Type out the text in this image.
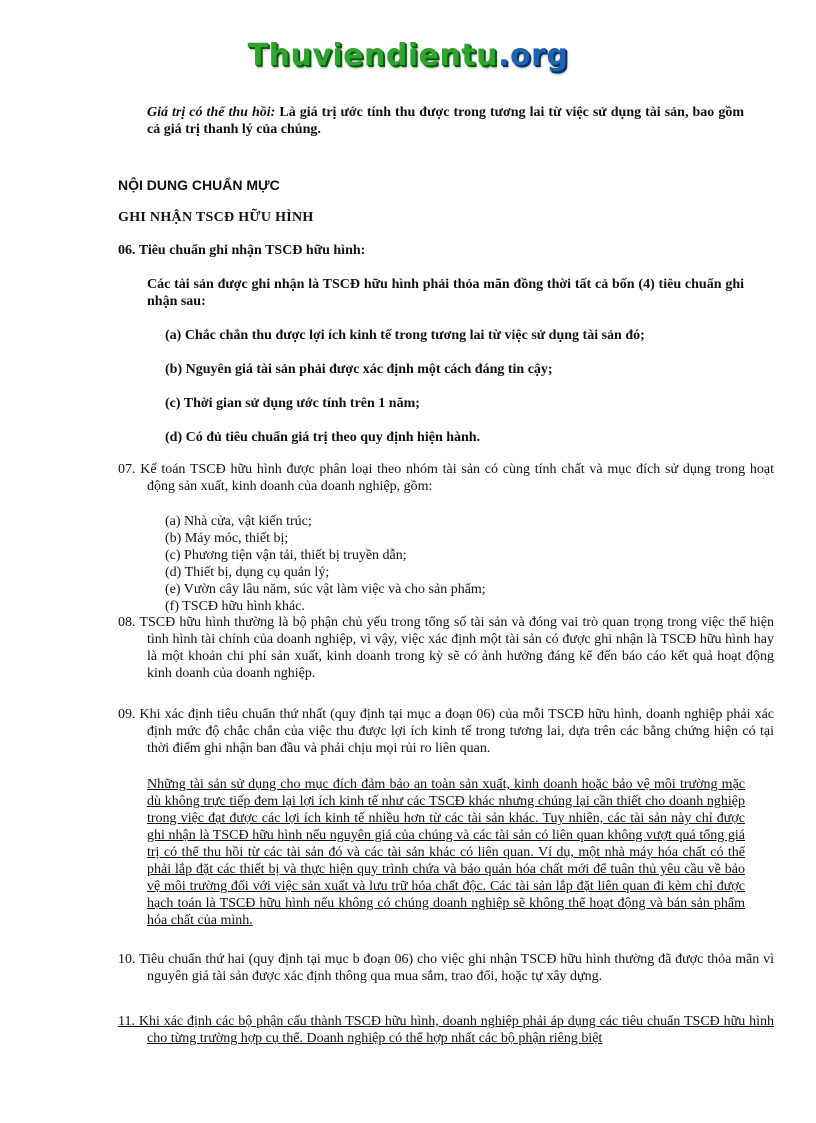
Thuviendientu.org

Giá trị có thể thu hồi: Là giá trị ước tính thu được trong tương lai từ việc sử dụng tài sản, bao gồm cả giá trị thanh lý của chúng.

NỘI DUNG CHUẨN MỰC
GHI NHẬN TSCĐ HỮU HÌNH
06. Tiêu chuẩn ghi nhận TSCĐ hữu hình:

Các tài sản được ghi nhận là TSCĐ hữu hình phải thỏa mãn đồng thời tất cả bốn (4) tiêu chuẩn ghi nhận sau:

(a) Chắc chắn thu được lợi ích kinh tế trong tương lai từ việc sử dụng tài sản đó;
(b) Nguyên giá tài sản phải được xác định một cách đáng tin cậy;
(c) Thời gian sử dụng ước tính trên 1 năm;
(d) Có đủ tiêu chuẩn giá trị theo quy định hiện hành.

07. Kế toán TSCĐ hữu hình được phân loại theo nhóm tài sản có cùng tính chất và mục đích sử dụng trong hoạt động sản xuất, kinh doanh của doanh nghiệp, gồm:

(a) Nhà cửa, vật kiến trúc;
(b) Máy móc, thiết bị;
(c) Phương tiện vận tải, thiết bị truyền dẫn;
(d) Thiết bị, dụng cụ quản lý;
(e) Vườn cây lâu năm, súc vật làm việc và cho sản phẩm;
(f) TSCĐ hữu hình khác.

08. TSCĐ hữu hình thường là bộ phận chủ yếu trong tổng số tài sản và đóng vai trò quan trọng trong việc thể hiện tình hình tài chính của doanh nghiệp, vì vậy, việc xác định một tài sản có được ghi nhận là TSCĐ hữu hình hay là một khoản chi phí sản xuất, kinh doanh trong kỳ sẽ có ảnh hưởng đáng kể đến báo cáo kết quả hoạt động kinh doanh của doanh nghiệp.

09. Khi xác định tiêu chuẩn thứ nhất (quy định tại mục a đoạn 06) của mỗi TSCĐ hữu hình, doanh nghiệp phải xác định mức độ chắc chắn của việc thu được lợi ích kinh tế trong tương lai, dựa trên các bằng chứng hiện có tại thời điểm ghi nhận ban đầu và phải chịu mọi rủi ro liên quan.

Những tài sản sử dụng cho mục đích đảm bảo an toàn sản xuất, kinh doanh hoặc bảo vệ môi trường mặc dù không trực tiếp đem lại lợi ích kinh tế như các TSCĐ khác nhưng chúng lại cần thiết cho doanh nghiệp trong việc đạt được các lợi ích kinh tế nhiều hơn từ các tài sản khác. Tuy nhiên, các tài sản này chỉ được ghi nhận là TSCĐ hữu hình nếu nguyên giá của chúng và các tài sản có liên quan không vượt quá tổng giá trị có thể thu hồi từ các tài sản đó và các tài sản khác có liên quan. Ví dụ, một nhà máy hóa chất có thể phải lắp đặt các thiết bị và thực hiện quy trình chứa và bảo quản hóa chất mới để tuân thủ yêu cầu về bảo vệ môi trường đối với việc sản xuất và lưu trữ hóa chất độc. Các tài sản lắp đặt liên quan đi kèm chỉ được hạch toán là TSCĐ hữu hình nếu không có chúng doanh nghiệp sẽ không thể hoạt động và bán sản phẩm hóa chất của mình.

10. Tiêu chuẩn thứ hai (quy định tại mục b đoạn 06) cho việc ghi nhận TSCĐ hữu hình thường đã được thỏa mãn vì nguyên giá tài sản được xác định thông qua mua sắm, trao đổi, hoặc tự xây dựng.

11. Khi xác định các bộ phận cấu thành TSCĐ hữu hình, doanh nghiệp phải áp dụng các tiêu chuẩn TSCĐ hữu hình cho từng trường hợp cụ thể. Doanh nghiệp có thể hợp nhất các bộ phận riêng biệt
